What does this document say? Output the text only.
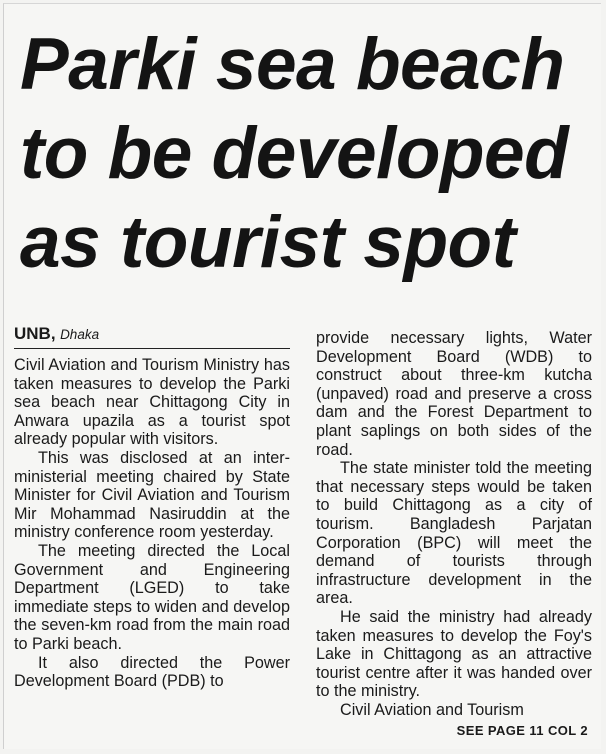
Parki sea beach
to be developed
as tourist spot
UNB, Dhaka

Civil Aviation and Tourism Ministry has taken measures to develop the Parki sea beach near Chittagong City in Anwara upazila as a tourist spot already popular with visitors.

This was disclosed at an inter-ministerial meeting chaired by State Minister for Civil Aviation and Tourism Mir Mohammad Nasiruddin at the ministry conference room yesterday.

The meeting directed the Local Government and Engineering Department (LGED) to take immediate steps to widen and develop the seven-km road from the main road to Parki beach.

It also directed the Power Development Board (PDB) to

provide necessary lights, Water Development Board (WDB) to construct about three-km kutcha (unpaved) road and preserve a cross dam and the Forest Department to plant saplings on both sides of the road.

The state minister told the meeting that necessary steps would be taken to build Chittagong as a city of tourism. Bangladesh Parjatan Corporation (BPC) will meet the demand of tourists through infrastructure development in the area.

He said the ministry had already taken measures to develop the Foy's Lake in Chittagong as an attractive tourist centre after it was handed over to the ministry.

Civil Aviation and Tourism

SEE PAGE 11 COL 2
